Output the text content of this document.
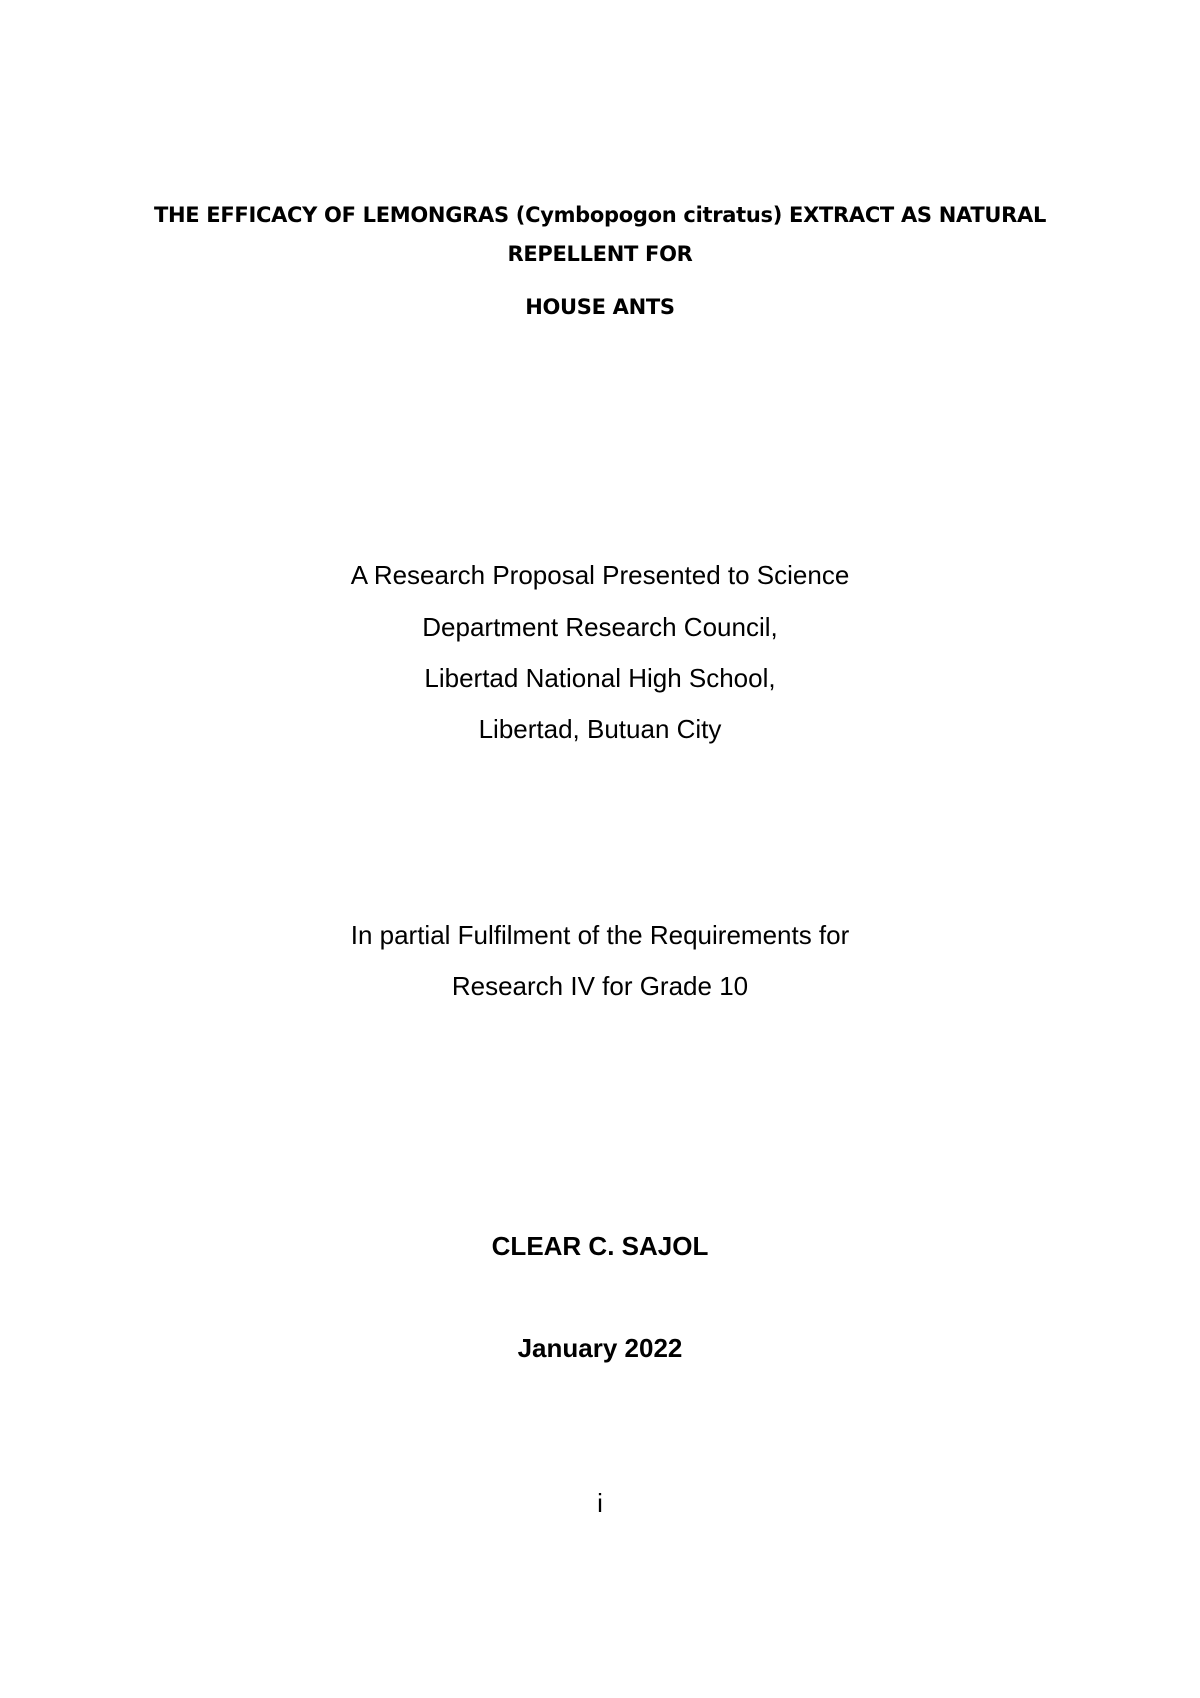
THE EFFICACY OF LEMONGRAS (Cymbopogon citratus) EXTRACT AS NATURAL
REPELLENT FOR
HOUSE ANTS
A Research Proposal Presented to Science
Department Research Council,
Libertad National High School,
Libertad, Butuan City
In partial Fulfilment of the Requirements for
Research IV for Grade 10
CLEAR C. SAJOL
January 2022
i
